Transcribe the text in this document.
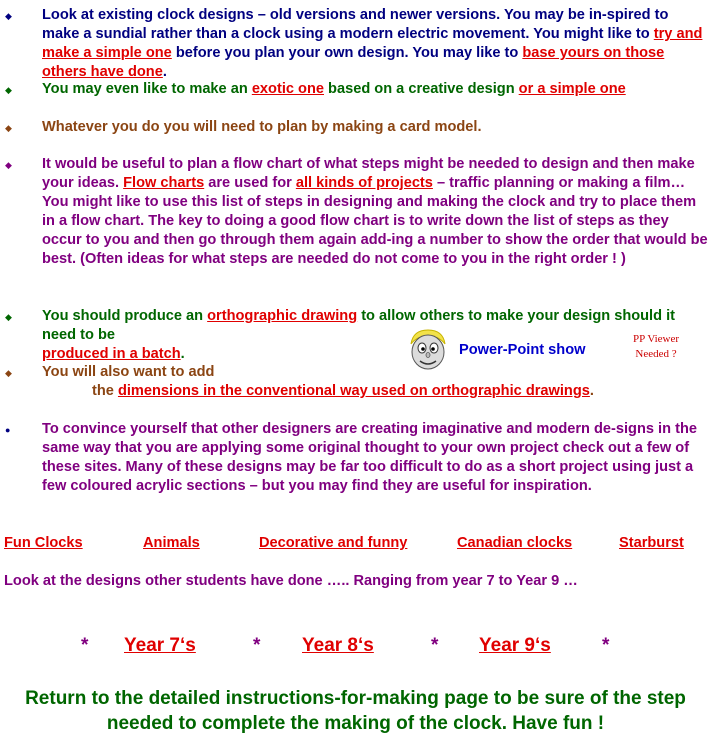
◆
◆
◆
◆
◆
◆
●

Look at existing clock designs – old versions and newer versions. You may be in-spired to make a sundial rather than a clock using a modern electric movement. You might like to try and make a simple one before you plan your own design. You may like to base yours on those others have done.

You may even like to make an exotic one based on a creative design or a simple one

Whatever you do you will need to plan by making a card model.

It would be useful to plan a flow chart of what steps might be needed to design and then make your ideas. Flow charts are used for all kinds of projects – traffic planning or making a film… You might like to use this list of steps in designing and making the clock and try to place them in a flow chart. The key to doing a good flow chart is to write down the list of steps as they occur to you and then go through them again add-ing a number to show the order that would be best. (Often ideas for what steps are needed do not come to you in the right order ! )

You should produce an orthographic drawing to allow others to make your design should it need to be
produced in a batch.	Power-Point show
PP Viewer
Needed ?

You will also want to add
the dimensions in the conventional way used on orthographic drawings.

To convince yourself that other designers are creating imaginative and modern de-signs in the same way that you are applying some original thought to your own project check out a few of these sites. Many of these designs may be far too difficult to do as a short project using just a few coloured acrylic sections – but you may find they are useful for inspiration.

Fun Clocks	Animals	Decorative and funny	Canadian clocks	Starburst

Look at the designs other students have done ….. Ranging from year 7 to Year 9 …

* Year 7‘s	* Year 8‘s	* Year 9‘s	*

Return to the detailed instructions-for-making page to be sure of the step needed to complete the making of the clock. Have fun !
